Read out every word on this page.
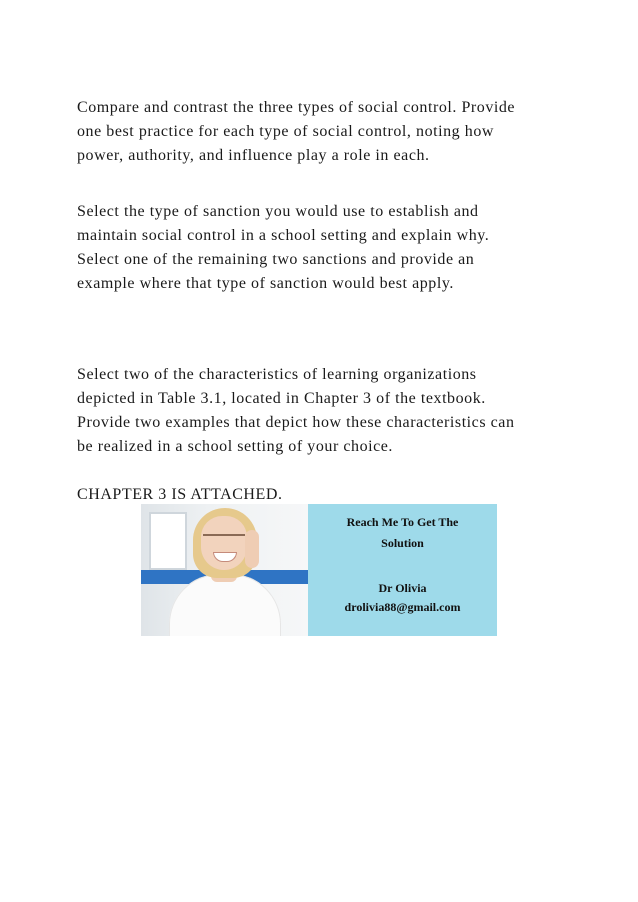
Compare and contrast the three types of social control. Provide
one best practice for each type of social control, noting how
power, authority, and influence play a role in each.

Select the type of sanction you would use to establish and
maintain social control in a school setting and explain why.
Select one of the remaining two sanctions and provide an
example where that type of sanction would best apply.

Select two of the characteristics of learning organizations
depicted in Table 3.1, located in Chapter 3 of the textbook.
Provide two examples that depict how these characteristics can
be realized in a school setting of your choice.

CHAPTER 3 IS ATTACHED.

Reach Me To Get The

Solution

Dr Olivia

drolivia88@gmail.com
